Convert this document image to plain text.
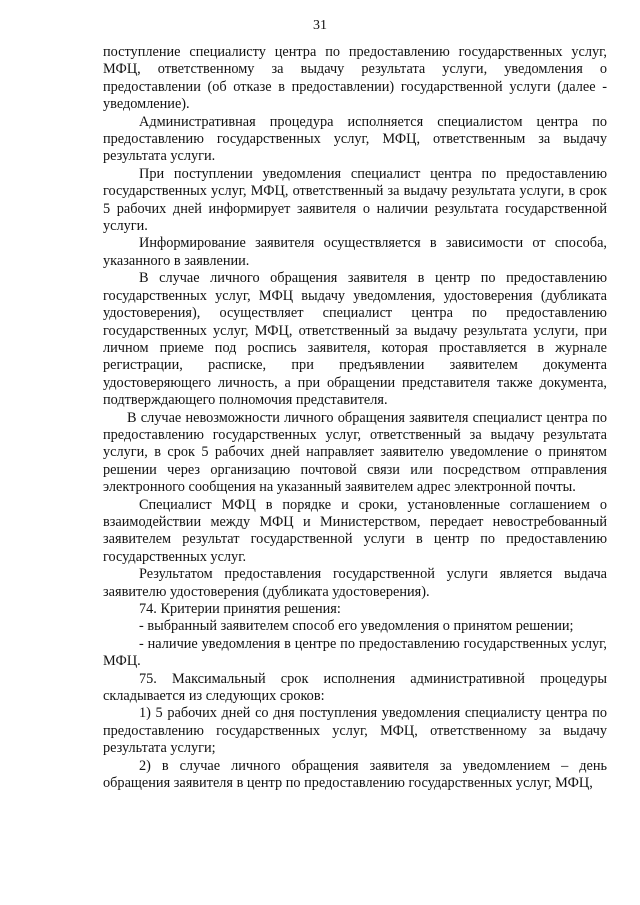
31

поступление специалисту центра по предоставлению государственных услуг, МФЦ, ответственному за выдачу результата услуги, уведомления о предоставлении (об отказе в предоставлении) государственной услуги (далее - уведомление).

Административная процедура исполняется специалистом центра по предоставлению государственных услуг, МФЦ, ответственным за выдачу результата услуги.

При поступлении уведомления специалист центра по предоставлению государственных услуг, МФЦ, ответственный за выдачу результата услуги, в срок 5 рабочих дней информирует заявителя о наличии результата государственной услуги.

Информирование заявителя осуществляется в зависимости от способа, указанного в заявлении.

В случае личного обращения заявителя в центр по предоставлению государственных услуг, МФЦ выдачу уведомления, удостоверения (дубликата удостоверения), осуществляет специалист центра по предоставлению государственных услуг, МФЦ, ответственный за выдачу результата услуги, при личном приеме под роспись заявителя, которая проставляется в журнале регистрации, расписке, при предъявлении заявителем документа удостоверяющего личность, а при обращении представителя также документа, подтверждающего полномочия представителя.

В случае невозможности личного обращения заявителя специалист центра по предоставлению государственных услуг, ответственный за выдачу результата услуги, в срок 5 рабочих дней направляет заявителю уведомление о принятом решении через организацию почтовой связи или посредством отправления электронного сообщения на указанный заявителем адрес электронной почты.

Специалист МФЦ в порядке и сроки, установленные соглашением о взаимодействии между МФЦ и Министерством, передает невостребованный заявителем результат государственной услуги в центр по предоставлению государственных услуг.

Результатом предоставления государственной услуги является выдача заявителю удостоверения (дубликата удостоверения).

74. Критерии принятия решения:

- выбранный заявителем способ его уведомления о принятом решении;

- наличие уведомления в центре по предоставлению государственных услуг, МФЦ.

75. Максимальный срок исполнения административной процедуры складывается из следующих сроков:

1) 5 рабочих дней со дня поступления уведомления специалисту центра по предоставлению государственных услуг, МФЦ, ответственному за выдачу результата услуги;

2) в случае личного обращения заявителя за уведомлением – день обращения заявителя в центр по предоставлению государственных услуг, МФЦ,
